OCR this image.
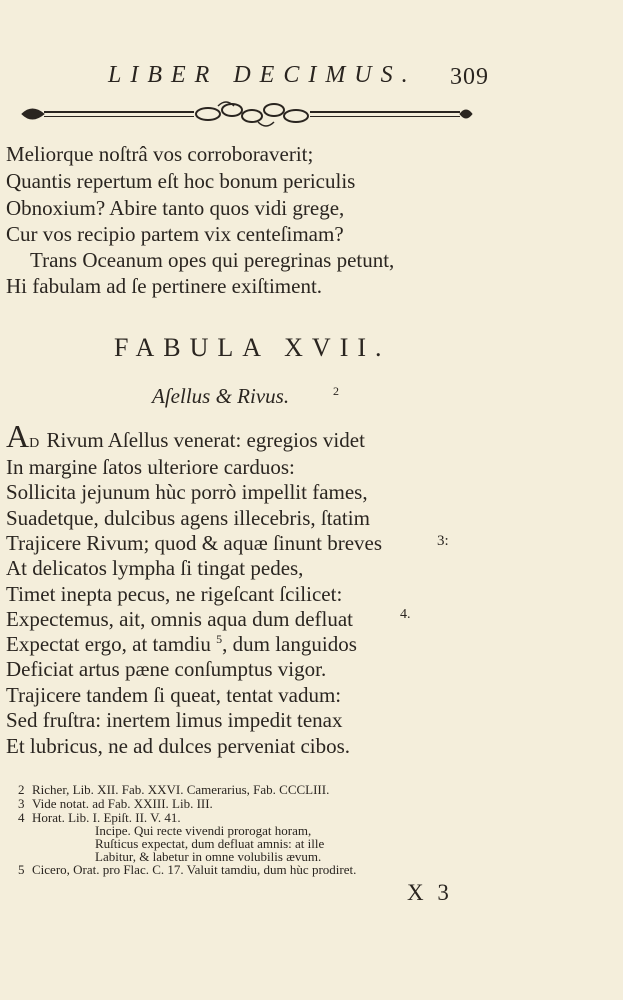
LIBER DECIMUS. 309
Meliorque noſtrâ vos corroboraverit;
Quantis repertum eſt hoc bonum periculis
Obnoxium? Abire tanto quos vidi grege,
Cur vos recipio partem vix centeſimam?
Trans Oceanum opes qui peregrinas petunt,
Hi fabulam ad ſe pertinere exiſtiment.
FABULA XVII.
Aſellus & Rivus.	2
AD Rivum Aſellus venerat: egregios videt
In margine ſatos ulteriore carduos:
Sollicita jejunum hùc porrò impellit fames,
Suadetque, dulcibus agens illecebris, ſtatim
Trajicere Rivum; quod & aquæ ſinunt breves	3:
At delicatos lympha ſi tingat pedes,
Timet inepta pecus, ne rigeſcant ſcilicet:
Expectemus, ait, omnis aqua dum defluat	4.
Expectat ergo, at tamdiu $^5$, dum languidos
Deficiat artus pæne conſumptus vigor.
Trajicere tandem ſi queat, tentat vadum:
Sed fruſtra: inertem limus impedit tenax
Et lubricus, ne ad dulces perveniat cibos.
2 Richer, Lib. XII. Fab. XXVI. Camerarius, Fab. CCCLIII.
3 Vide notat. ad Fab. XXIII. Lib. III.
4 Horat. Lib. I. Epiſt. II. V. 41.
Incipe. Qui recte vivendi prorogat horam,
Ruſticus expectat, dum defluat amnis: at ille
Labitur, & labetur in omne volubilis ævum.
5 Cicero, Orat. pro Flac. C. 17. Valuit tamdiu, dum hùc prodiret.
X 3
